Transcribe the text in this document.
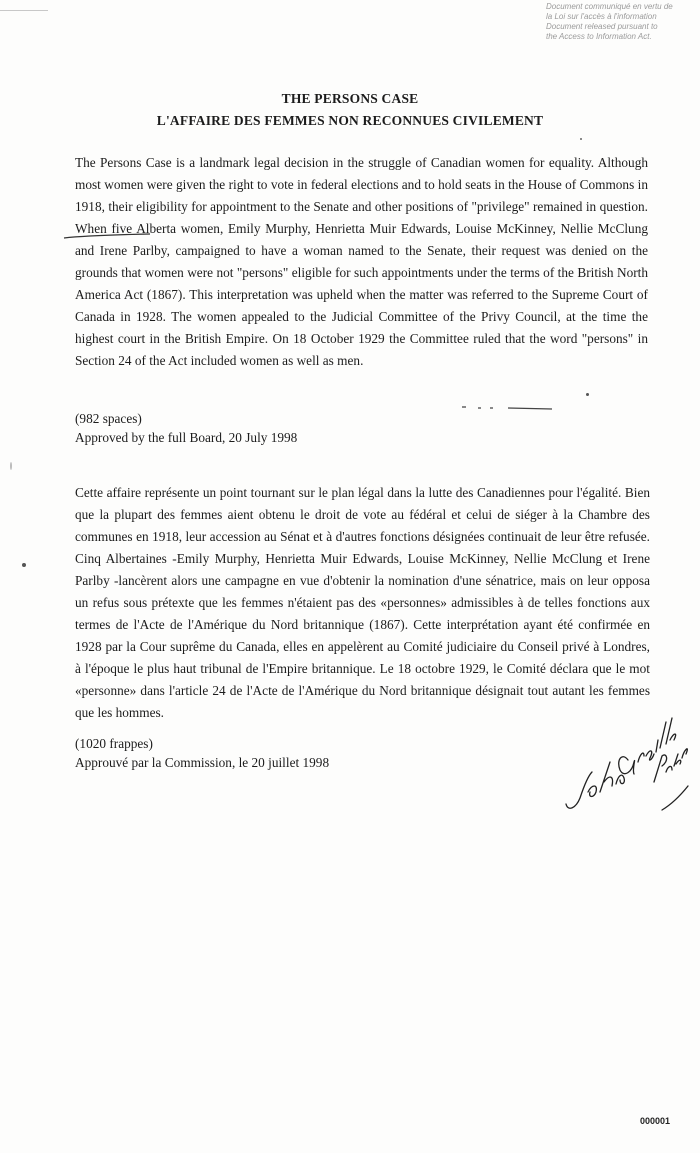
Document communiqué en vertu de
la Loi sur l'accès à l'information
Document released pursuant to
the Access to Information Act.
THE PERSONS CASE
L'AFFAIRE DES FEMMES NON RECONNUES CIVILEMENT
The Persons Case is a landmark legal decision in the struggle of Canadian women for equality. Although most women were given the right to vote in federal elections and to hold seats in the House of Commons in 1918, their eligibility for appointment to the Senate and other positions of "privilege" remained in question. When five Alberta women, Emily Murphy, Henrietta Muir Edwards, Louise McKinney, Nellie McClung and Irene Parlby, campaigned to have a woman named to the Senate, their request was denied on the grounds that women were not "persons" eligible for such appointments under the terms of the British North America Act (1867). This interpretation was upheld when the matter was referred to the Supreme Court of Canada in 1928. The women appealed to the Judicial Committee of the Privy Council, at the time the highest court in the British Empire. On 18 October 1929 the Committee ruled that the word "persons" in Section 24 of the Act included women as well as men.
(982 spaces)
Approved by the full Board, 20 July 1998
Cette affaire représente un point tournant sur le plan légal dans la lutte des Canadiennes pour l'égalité. Bien que la plupart des femmes aient obtenu le droit de vote au fédéral et celui de siéger à la Chambre des communes en 1918, leur accession au Sénat et à d'autres fonctions désignées continuait de leur être refusée. Cinq Albertaines -Emily Murphy, Henrietta Muir Edwards, Louise McKinney, Nellie McClung et Irene Parlby -lancèrent alors une campagne en vue d'obtenir la nomination d'une sénatrice, mais on leur opposa un refus sous prétexte que les femmes n'étaient pas des «personnes» admissibles à de telles fonctions aux termes de l'Acte de l'Amérique du Nord britannique (1867). Cette interprétation ayant été confirmée en 1928 par la Cour suprême du Canada, elles en appelèrent au Comité judiciaire du Conseil privé à Londres, à l'époque le plus haut tribunal de l'Empire britannique. Le 18 octobre 1929, le Comité déclara que le mot «personne» dans l'article 24 de l'Acte de l'Amérique du Nord britannique désignait tout autant les femmes que les hommes.
(1020 frappes)
Approuvé par la Commission, le 20 juillet 1998
000001
